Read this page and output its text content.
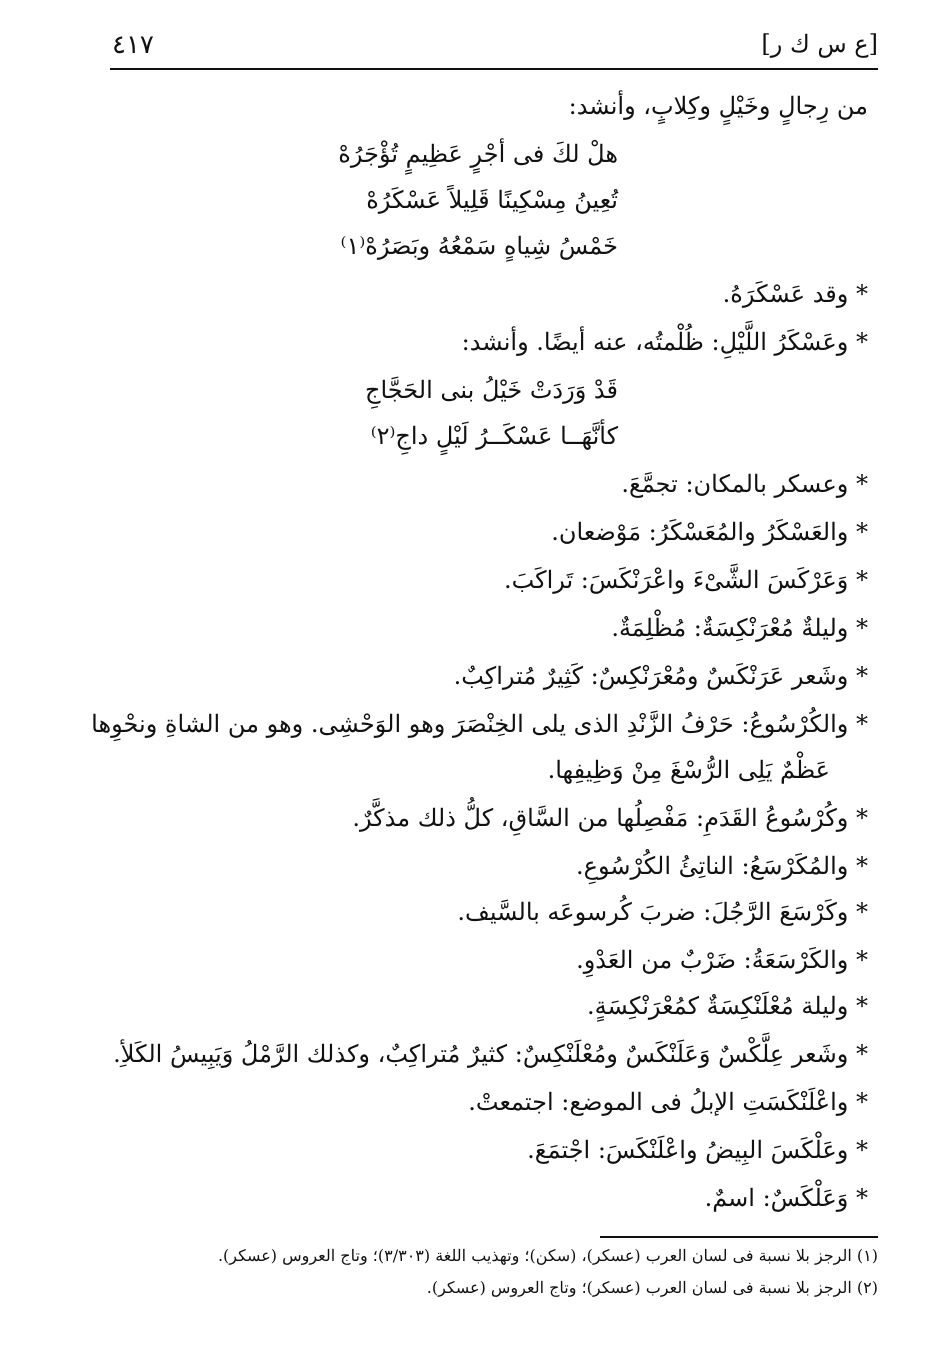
[ع س ك ر]
٤١٧
من رِجالٍ وخَيْلٍ وكِلابٍ، وأنشد:
هلْ لكَ فى أجْرٍ عَظِيمٍ تُؤْجَرُهْ
تُعِينُ مِسْكِينًا قَلِيلاً عَسْكَرُهْ
خَمْسُ شِياهٍ سَمْعُهُ وبَصَرُهْ⁽١⁾
* وقد عَسْكَرَهُ.
* وعَسْكَرُ اللَّيْلِ: ظُلْمتُه، عنه أيضًا. وأنشد:
قَدْ وَرَدَتْ خَيْلُ بنى الحَجَّاجِ
كأنَّهَــا عَسْكَــرُ لَيْلٍ داجِ⁽٢⁾
* وعسكر بالمكان: تجمَّعَ.
* والعَسْكَرُ والمُعَسْكَرُ: مَوْضعان.
* وَعَرْكَسَ الشَّىْءَ واعْرَنْكَسَ: تَراكَبَ.
* وليلةٌ مُعْرَنْكِسَةٌ: مُظْلِمَةٌ.
* وشَعر عَرَنْكَسٌ ومُعْرَنْكِسٌ: كَثِيرٌ مُتراكِبٌ.
* والكُرْسُوعُ: حَرْفُ الزَّنْدِ الذى يلى الخِنْصَرَ وهو الوَحْشِى. وهو من الشاةِ ونحْوِها
عَظْمٌ يَلِى الرُّسْغَ مِنْ وَظِيفِها.
* وكُرْسُوعُ القَدَمِ: مَفْصِلُها من السَّاقِ، كلُّ ذلك مذكَّرٌ.
* والمُكَرْسَعُ: الناتِئُ الكُرْسُوعِ.
* وكَرْسَعَ الرَّجُلَ: ضربَ كُرسوعَه بالسَّيف.
* والكَرْسَعَةُ: ضَرْبٌ من العَدْوِ.
* وليلة مُعْلَنْكِسَةٌ كمُعْرَنْكِسَةٍ.
* وشَعر عِلَّكْسٌ وَعَلَنْكَسٌ ومُعْلَنْكِسٌ: كثيرٌ مُتراكِبٌ، وكذلك الرَّمْلُ وَيَبِيسُ الكَلأِ.
* واعْلَنْكَسَتِ الإبلُ فى الموضع: اجتمعتْ.
* وعَلْكَسَ البِيضُ واعْلَنْكَسَ: اجْتمَعَ.
* وَعَلْكَسٌ: اسمٌ.
(١) الرجز بلا نسبة فى لسان العرب (عسكر)، (سكن)؛ وتهذيب اللغة (٣/٣٠٣)؛ وتاج العروس (عسكر).
(٢) الرجز بلا نسبة فى لسان العرب (عسكر)؛ وتاج العروس (عسكر).
